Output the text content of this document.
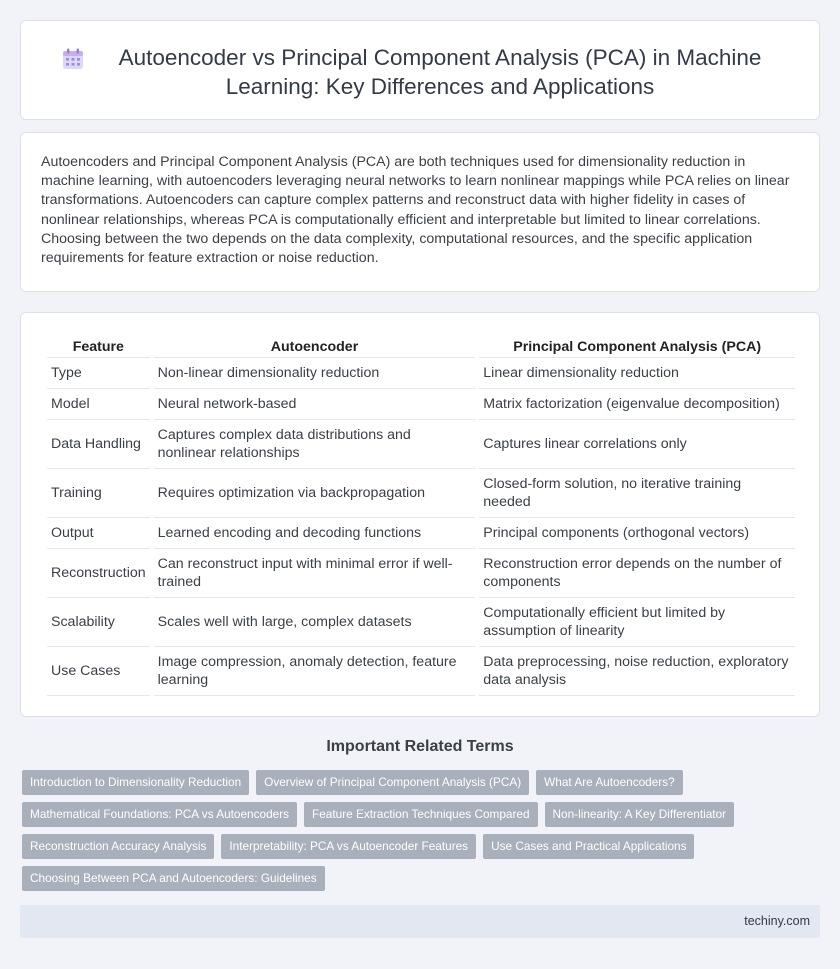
Autoencoder vs Principal Component Analysis (PCA) in Machine Learning: Key Differences and Applications

Autoencoders and Principal Component Analysis (PCA) are both techniques used for dimensionality reduction in machine learning, with autoencoders leveraging neural networks to learn nonlinear mappings while PCA relies on linear transformations. Autoencoders can capture complex patterns and reconstruct data with higher fidelity in cases of nonlinear relationships, whereas PCA is computationally efficient and interpretable but limited to linear correlations. Choosing between the two depends on the data complexity, computational resources, and the specific application requirements for feature extraction or noise reduction.

Feature	Autoencoder	Principal Component Analysis (PCA)
Type	Non-linear dimensionality reduction	Linear dimensionality reduction
Model	Neural network-based	Matrix factorization (eigenvalue decomposition)
Data Handling	Captures complex data distributions and nonlinear relationships	Captures linear correlations only
Training	Requires optimization via backpropagation	Closed-form solution, no iterative training needed
Output	Learned encoding and decoding functions	Principal components (orthogonal vectors)
Reconstruction	Can reconstruct input with minimal error if well-trained	Reconstruction error depends on the number of components
Scalability	Scales well with large, complex datasets	Computationally efficient but limited by assumption of linearity
Use Cases	Image compression, anomaly detection, feature learning	Data preprocessing, noise reduction, exploratory data analysis
Important Related Terms
Introduction to Dimensionality Reduction	Overview of Principal Component Analysis (PCA)	What Are Autoencoders?
Mathematical Foundations: PCA vs Autoencoders	Feature Extraction Techniques Compared	Non-linearity: A Key Differentiator
Reconstruction Accuracy Analysis	Interpretability: PCA vs Autoencoder Features	Use Cases and Practical Applications
Choosing Between PCA and Autoencoders: Guidelines
techiny.com
